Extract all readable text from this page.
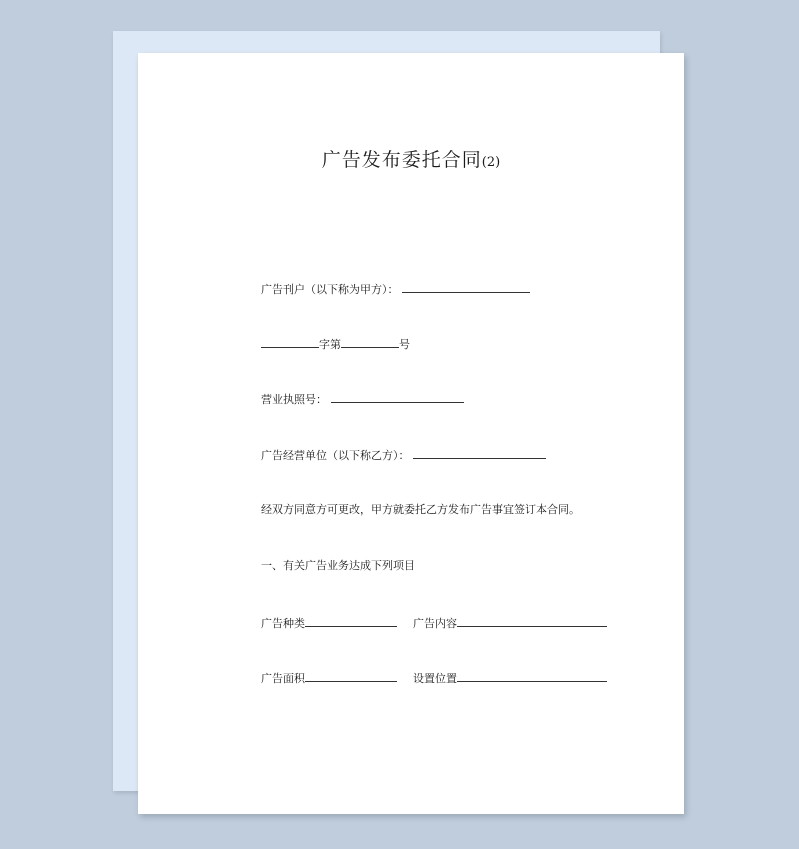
广告发布委托合同(2)
广告刊户（以下称为甲方）：
字第	号
营业执照号：
广告经营单位（以下称乙方）：
经双方同意方可更改，甲方就委托乙方发布广告事宜签订本合同。
一、有关广告业务达成下列项目
广告种类	广告内容
广告面积	设置位置
